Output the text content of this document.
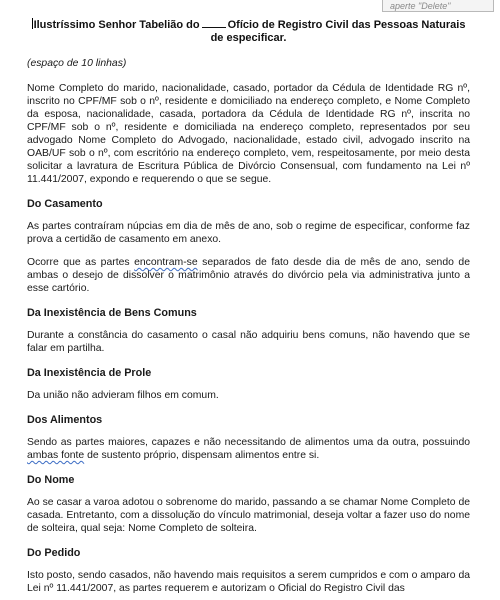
aperte "Delete"

Ilustríssimo Senhor Tabelião do	Ofício de Registro Civil das Pessoas Naturais
de especificar.

(espaço de 10 linhas)

Nome Completo do marido, nacionalidade, casado, portador da Cédula de Identidade RG nº, inscrito no CPF/MF sob o nº, residente e domiciliado na endereço completo, e Nome Completo da esposa, nacionalidade, casada, portadora da Cédula de Identidade RG nº, inscrita no CPF/MF sob o nº, residente e domiciliada na endereço completo, representados por seu advogado Nome Completo do Advogado, nacionalidade, estado civil, advogado inscrito na OAB/UF sob o nº, com escritório na endereço completo, vem, respeitosamente, por meio desta solicitar a lavratura de Escritura Pública de Divórcio Consensual, com fundamento na Lei nº 11.441/2007, expondo e requerendo o que se segue.

Do Casamento

As partes contraíram núpcias em dia de mês de ano, sob o regime de especificar, conforme faz prova a certidão de casamento em anexo.

Ocorre que as partes encontram-se separados de fato desde dia de mês de ano, sendo de ambas o desejo de dissolver o matrimônio através do divórcio pela via administrativa junto a esse cartório.

Da Inexistência de Bens Comuns

Durante a constância do casamento o casal não adquiriu bens comuns, não havendo que se falar em partilha.

Da Inexistência de Prole

Da união não advieram filhos em comum.

Dos Alimentos

Sendo as partes maiores, capazes e não necessitando de alimentos uma da outra, possuindo ambas fonte de sustento próprio, dispensam alimentos entre si.

Do Nome

Ao se casar a varoa adotou o sobrenome do marido, passando a se chamar Nome Completo de casada. Entretanto, com a dissolução do vínculo matrimonial, deseja voltar a fazer uso do nome de solteira, qual seja: Nome Completo de solteira.

Do Pedido

Isto posto, sendo casados, não havendo mais requisitos a serem cumpridos e com o amparo da Lei nº 11.441/2007, as partes requerem e autorizam o Oficial do Registro Civil das
